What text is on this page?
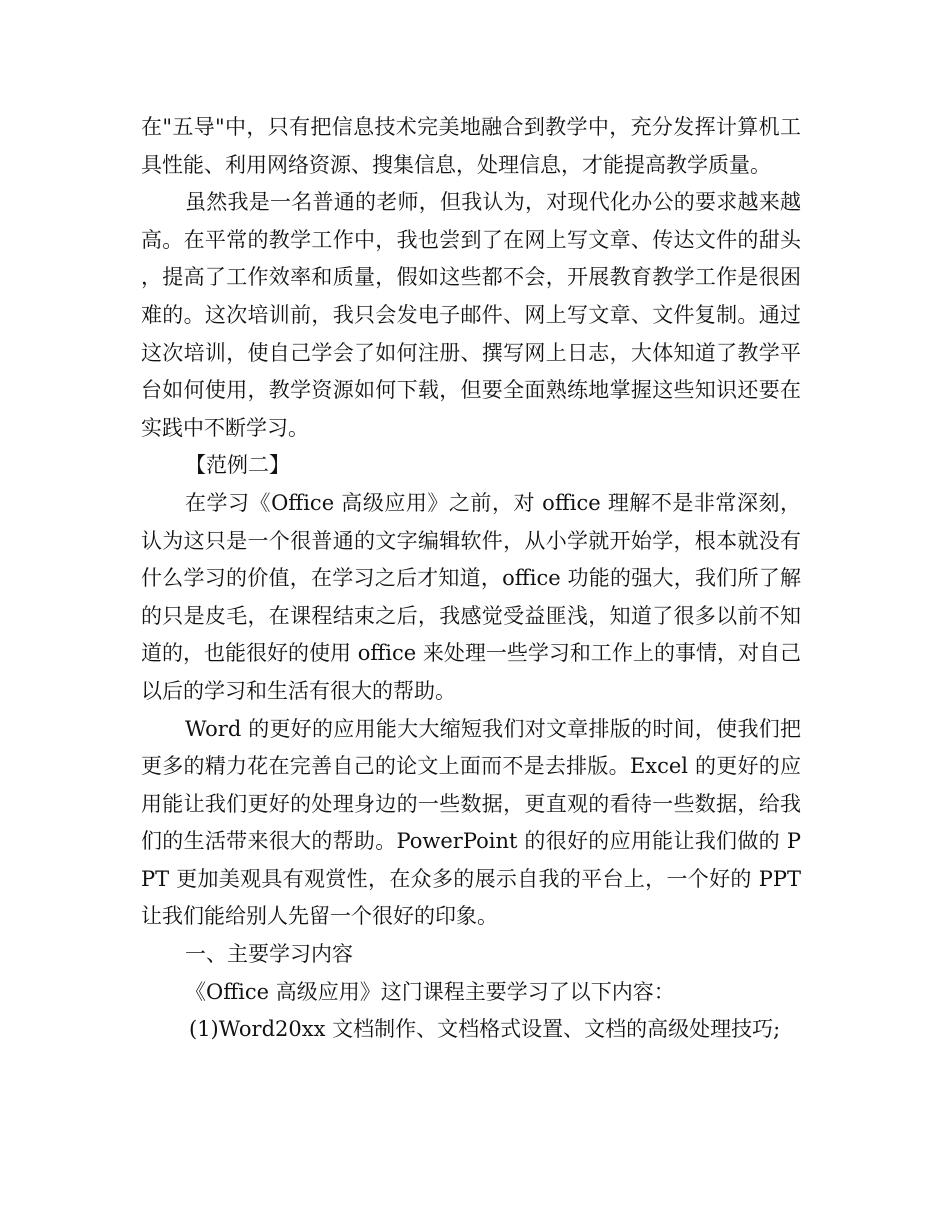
在"五导"中，只有把信息技术完美地融合到教学中，充分发挥计算机工具性能、利用网络资源、搜集信息，处理信息，才能提高教学质量。

虽然我是一名普通的老师，但我认为，对现代化办公的要求越来越高。在平常的教学工作中，我也尝到了在网上写文章、传达文件的甜头，提高了工作效率和质量，假如这些都不会，开展教育教学工作是很困难的。这次培训前，我只会发电子邮件、网上写文章、文件复制。通过这次培训，使自己学会了如何注册、撰写网上日志，大体知道了教学平台如何使用，教学资源如何下载，但要全面熟练地掌握这些知识还要在实践中不断学习。

【范例二】

在学习《Office 高级应用》之前，对 office 理解不是非常深刻，认为这只是一个很普通的文字编辑软件，从小学就开始学，根本就没有什么学习的价值，在学习之后才知道，office 功能的强大，我们所了解的只是皮毛，在课程结束之后，我感觉受益匪浅，知道了很多以前不知道的，也能很好的使用 office 来处理一些学习和工作上的事情，对自己以后的学习和生活有很大的帮助。

Word 的更好的应用能大大缩短我们对文章排版的时间，使我们把更多的精力花在完善自己的论文上面而不是去排版。Excel 的更好的应用能让我们更好的处理身边的一些数据，更直观的看待一些数据，给我们的生活带来很大的帮助。PowerPoint 的很好的应用能让我们做的 PPT 更加美观具有观赏性，在众多的展示自我的平台上，一个好的 PPT 让我们能给别人先留一个很好的印象。

一、主要学习内容

《Office 高级应用》这门课程主要学习了以下内容：

(1)Word20xx 文档制作、文档格式设置、文档的高级处理技巧;
